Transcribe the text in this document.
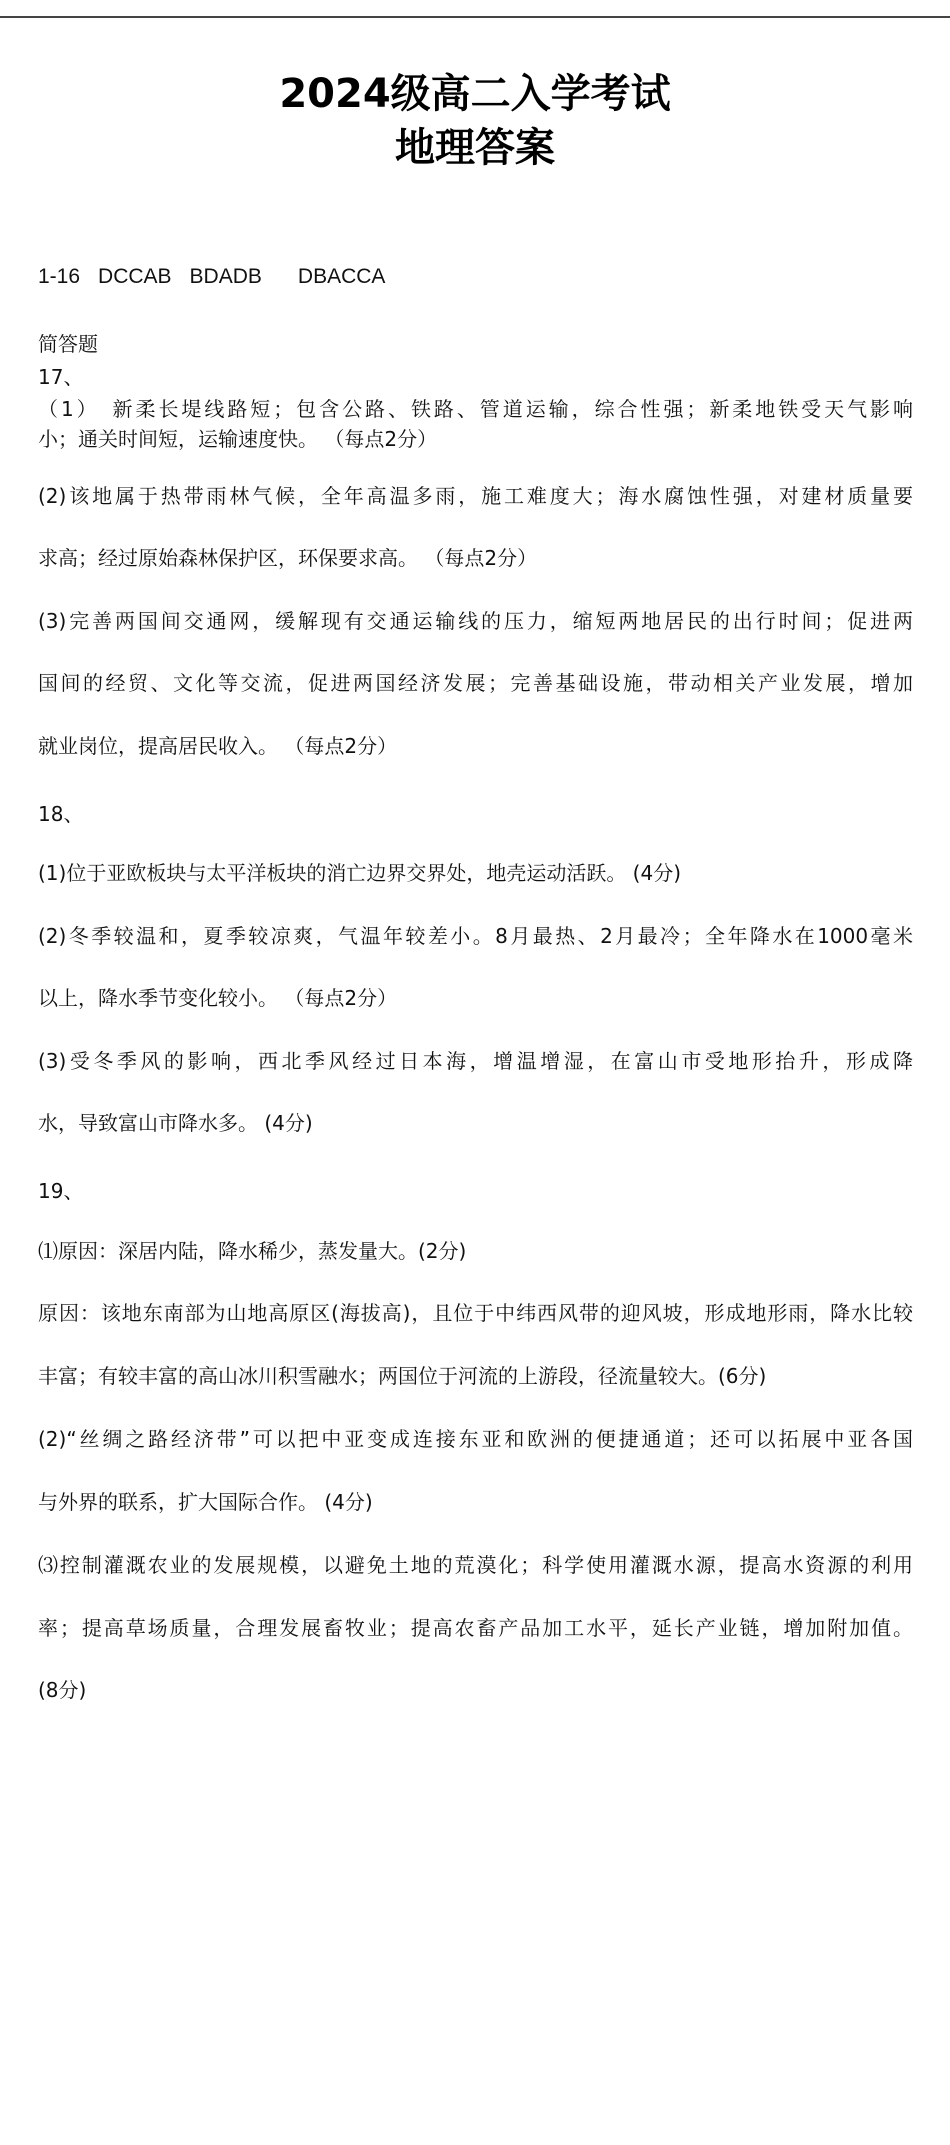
2024级高二入学考试
地理答案
1-16 DCCAB BDADB DBACCA
简答题
17、
（1）　新柔长堤线路短；包含公路、铁路、管道运输，综合性强；新柔地铁受天气影响
小；通关时间短，运输速度快。 （每点2分）
(2)该地属于热带雨林气候，全年高温多雨，施工难度大；海水腐蚀性强，对建材质量要
求高；经过原始森林保护区，环保要求高。 （每点2分）
(3)完善两国间交通网，缓解现有交通运输线的压力，缩短两地居民的出行时间；促进两
国间的经贸、文化等交流，促进两国经济发展；完善基础设施，带动相关产业发展，增加
就业岗位，提高居民收入。 （每点2分）
18、
(1)位于亚欧板块与太平洋板块的消亡边界交界处，地壳运动活跃。 (4分)
(2)冬季较温和，夏季较凉爽，气温年较差小。8月最热、2月最冷；全年降水在1000毫米
以上，降水季节变化较小。 （每点2分）
(3)受冬季风的影响，西北季风经过日本海，增温增湿，在富山市受地形抬升，形成降
水，导致富山市降水多。 (4分)
19、
⑴原因：深居内陆，降水稀少，蒸发量大。(2分)
原因：该地东南部为山地高原区(海拔高)，且位于中纬西风带的迎风坡，形成地形雨，降水比较
丰富；有较丰富的高山冰川积雪融水；两国位于河流的上游段，径流量较大。(6分)
(2)“丝绸之路经济带”可以把中亚变成连接东亚和欧洲的便捷通道；还可以拓展中亚各国
与外界的联系，扩大国际合作。 (4分)
⑶控制灌溉农业的发展规模，以避免土地的荒漠化；科学使用灌溉水源，提高水资源的利用
率；提高草场质量，合理发展畜牧业；提高农畜产品加工水平，延长产业链，增加附加值。
(8分)
